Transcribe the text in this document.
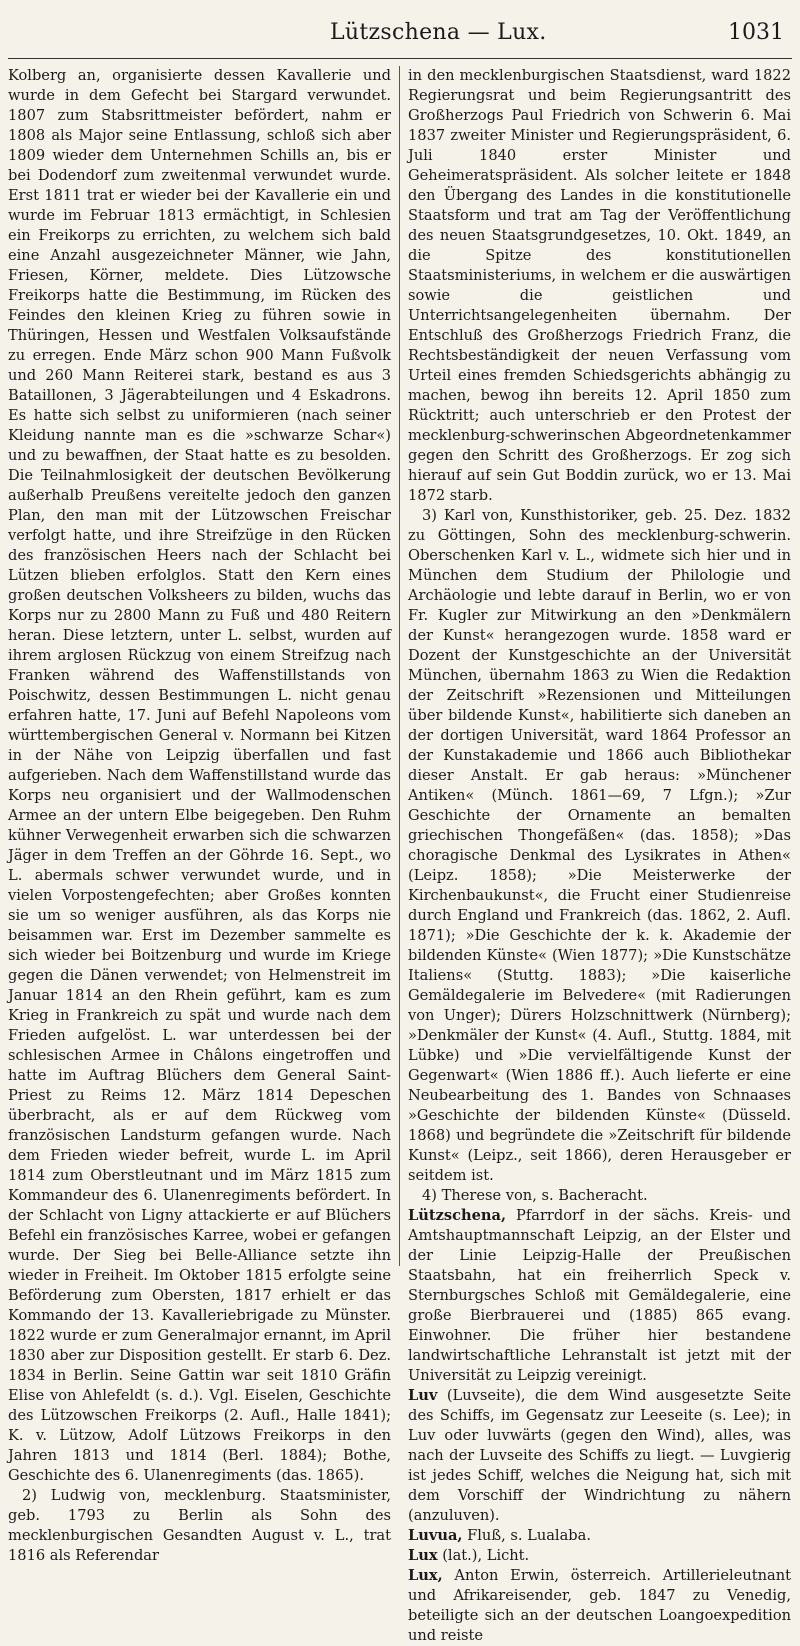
Lützschena — Lux.	1031

Kolberg an, organisierte dessen Kavallerie und wurde in dem Gefecht bei Stargard verwundet. 1807 zum Stabsrittmeister befördert, nahm er 1808 als Major seine Entlassung, schloß sich aber 1809 wieder dem Unternehmen Schills an, bis er bei Dodendorf zum zweitenmal verwundet wurde. Erst 1811 trat er wieder bei der Kavallerie ein und wurde im Februar 1813 ermächtigt, in Schlesien ein Freikorps zu errichten, zu welchem sich bald eine Anzahl ausgezeichneter Männer, wie Jahn, Friesen, Körner, meldete. Dies Lützowsche Freikorps hatte die Bestimmung, im Rücken des Feindes den kleinen Krieg zu führen sowie in Thüringen, Hessen und Westfalen Volksaufstände zu erregen. Ende März schon 900 Mann Fußvolk und 260 Mann Reiterei stark, bestand es aus 3 Bataillonen, 3 Jägerabteilungen und 4 Eskadrons. Es hatte sich selbst zu uniformieren (nach seiner Kleidung nannte man es die »schwarze Schar«) und zu bewaffnen, der Staat hatte es zu besolden. Die Teilnahmlosigkeit der deutschen Bevölkerung außerhalb Preußens vereitelte jedoch den ganzen Plan, den man mit der Lützowschen Freischar verfolgt hatte, und ihre Streifzüge in den Rücken des französischen Heers nach der Schlacht bei Lützen blieben erfolglos. Statt den Kern eines großen deutschen Volksheers zu bilden, wuchs das Korps nur zu 2800 Mann zu Fuß und 480 Reitern heran. Diese letztern, unter L. selbst, wurden auf ihrem arglosen Rückzug von einem Streifzug nach Franken während des Waffenstillstands von Poischwitz, dessen Bestimmungen L. nicht genau erfahren hatte, 17. Juni auf Befehl Napoleons vom württembergischen General v. Normann bei Kitzen in der Nähe von Leipzig überfallen und fast aufgerieben. Nach dem Waffenstillstand wurde das Korps neu organisiert und der Wallmodenschen Armee an der untern Elbe beigegeben. Den Ruhm kühner Verwegenheit erwarben sich die schwarzen Jäger in dem Treffen an der Göhrde 16. Sept., wo L. abermals schwer verwundet wurde, und in vielen Vorpostengefechten; aber Großes konnten sie um so weniger ausführen, als das Korps nie beisammen war. Erst im Dezember sammelte es sich wieder bei Boitzenburg und wurde im Kriege gegen die Dänen verwendet; von Helmenstreit im Januar 1814 an den Rhein geführt, kam es zum Krieg in Frankreich zu spät und wurde nach dem Frieden aufgelöst. L. war unterdessen bei der schlesischen Armee in Châlons eingetroffen und hatte im Auftrag Blüchers dem General Saint-Priest zu Reims 12. März 1814 Depeschen überbracht, als er auf dem Rückweg vom französischen Landsturm gefangen wurde. Nach dem Frieden wieder befreit, wurde L. im April 1814 zum Oberstleutnant und im März 1815 zum Kommandeur des 6. Ulanenregiments befördert. In der Schlacht von Ligny attackierte er auf Blüchers Befehl ein französisches Karree, wobei er gefangen wurde. Der Sieg bei Belle-Alliance setzte ihn wieder in Freiheit. Im Oktober 1815 erfolgte seine Beförderung zum Obersten, 1817 erhielt er das Kommando der 13. Kavalleriebrigade zu Münster. 1822 wurde er zum Generalmajor ernannt, im April 1830 aber zur Disposition gestellt. Er starb 6. Dez. 1834 in Berlin. Seine Gattin war seit 1810 Gräfin Elise von Ahlefeldt (s. d.). Vgl. Eiselen, Geschichte des Lützowschen Freikorps (2. Aufl., Halle 1841); K. v. Lützow, Adolf Lützows Freikorps in den Jahren 1813 und 1814 (Berl. 1884); Bothe, Geschichte des 6. Ulanenregiments (das. 1865).

2) Ludwig von, mecklenburg. Staatsminister, geb. 1793 zu Berlin als Sohn des mecklenburgischen Gesandten August v. L., trat 1816 als Referendar

in den mecklenburgischen Staatsdienst, ward 1822 Regierungsrat und beim Regierungsantritt des Großherzogs Paul Friedrich von Schwerin 6. Mai 1837 zweiter Minister und Regierungspräsident, 6. Juli 1840 erster Minister und Geheimeratspräsident. Als solcher leitete er 1848 den Übergang des Landes in die konstitutionelle Staatsform und trat am Tag der Veröffentlichung des neuen Staatsgrundgesetzes, 10. Okt. 1849, an die Spitze des konstitutionellen Staatsministeriums, in welchem er die auswärtigen sowie die geistlichen und Unterrichtsangelegenheiten übernahm. Der Entschluß des Großherzogs Friedrich Franz, die Rechtsbeständigkeit der neuen Verfassung vom Urteil eines fremden Schiedsgerichts abhängig zu machen, bewog ihn bereits 12. April 1850 zum Rücktritt; auch unterschrieb er den Protest der mecklenburg-schwerinschen Abgeordnetenkammer gegen den Schritt des Großherzogs. Er zog sich hierauf auf sein Gut Boddin zurück, wo er 13. Mai 1872 starb.

3) Karl von, Kunsthistoriker, geb. 25. Dez. 1832 zu Göttingen, Sohn des mecklenburg-schwerin. Oberschenken Karl v. L., widmete sich hier und in München dem Studium der Philologie und Archäologie und lebte darauf in Berlin, wo er von Fr. Kugler zur Mitwirkung an den »Denkmälern der Kunst« herangezogen wurde. 1858 ward er Dozent der Kunstgeschichte an der Universität München, übernahm 1863 zu Wien die Redaktion der Zeitschrift »Rezensionen und Mitteilungen über bildende Kunst«, habilitierte sich daneben an der dortigen Universität, ward 1864 Professor an der Kunstakademie und 1866 auch Bibliothekar dieser Anstalt. Er gab heraus: »Münchener Antiken« (Münch. 1861—69, 7 Lfgn.); »Zur Geschichte der Ornamente an bemalten griechischen Thongefäßen« (das. 1858); »Das choragische Denkmal des Lysikrates in Athen« (Leipz. 1858); »Die Meisterwerke der Kirchenbaukunst«, die Frucht einer Studienreise durch England und Frankreich (das. 1862, 2. Aufl. 1871); »Die Geschichte der k. k. Akademie der bildenden Künste« (Wien 1877); »Die Kunstschätze Italiens« (Stuttg. 1883); »Die kaiserliche Gemäldegalerie im Belvedere« (mit Radierungen von Unger); Dürers Holzschnittwerk (Nürnberg); »Denkmäler der Kunst« (4. Aufl., Stuttg. 1884, mit Lübke) und »Die vervielfältigende Kunst der Gegenwart« (Wien 1886 ff.). Auch lieferte er eine Neubearbeitung des 1. Bandes von Schnaases »Geschichte der bildenden Künste« (Düsseld. 1868) und begründete die »Zeitschrift für bildende Kunst« (Leipz., seit 1866), deren Herausgeber er seitdem ist.

4) Therese von, s. Bacheracht.

Lützschena, Pfarrdorf in der sächs. Kreis- und Amtshauptmannschaft Leipzig, an der Elster und der Linie Leipzig-Halle der Preußischen Staatsbahn, hat ein freiherrlich Speck v. Sternburgsches Schloß mit Gemäldegalerie, eine große Bierbrauerei und (1885) 865 evang. Einwohner. Die früher hier bestandene landwirtschaftliche Lehranstalt ist jetzt mit der Universität zu Leipzig vereinigt.

Luv (Luvseite), die dem Wind ausgesetzte Seite des Schiffs, im Gegensatz zur Leeseite (s. Lee); in Luv oder luvwärts (gegen den Wind), alles, was nach der Luvseite des Schiffs zu liegt. — Luvgierig ist jedes Schiff, welches die Neigung hat, sich mit dem Vorschiff der Windrichtung zu nähern (anzuluven).

Luvua, Fluß, s. Lualaba.

Lux (lat.), Licht.

Lux, Anton Erwin, österreich. Artillerieleutnant und Afrikareisender, geb. 1847 zu Venedig, beteiligte sich an der deutschen Loangoexpedition und reiste
